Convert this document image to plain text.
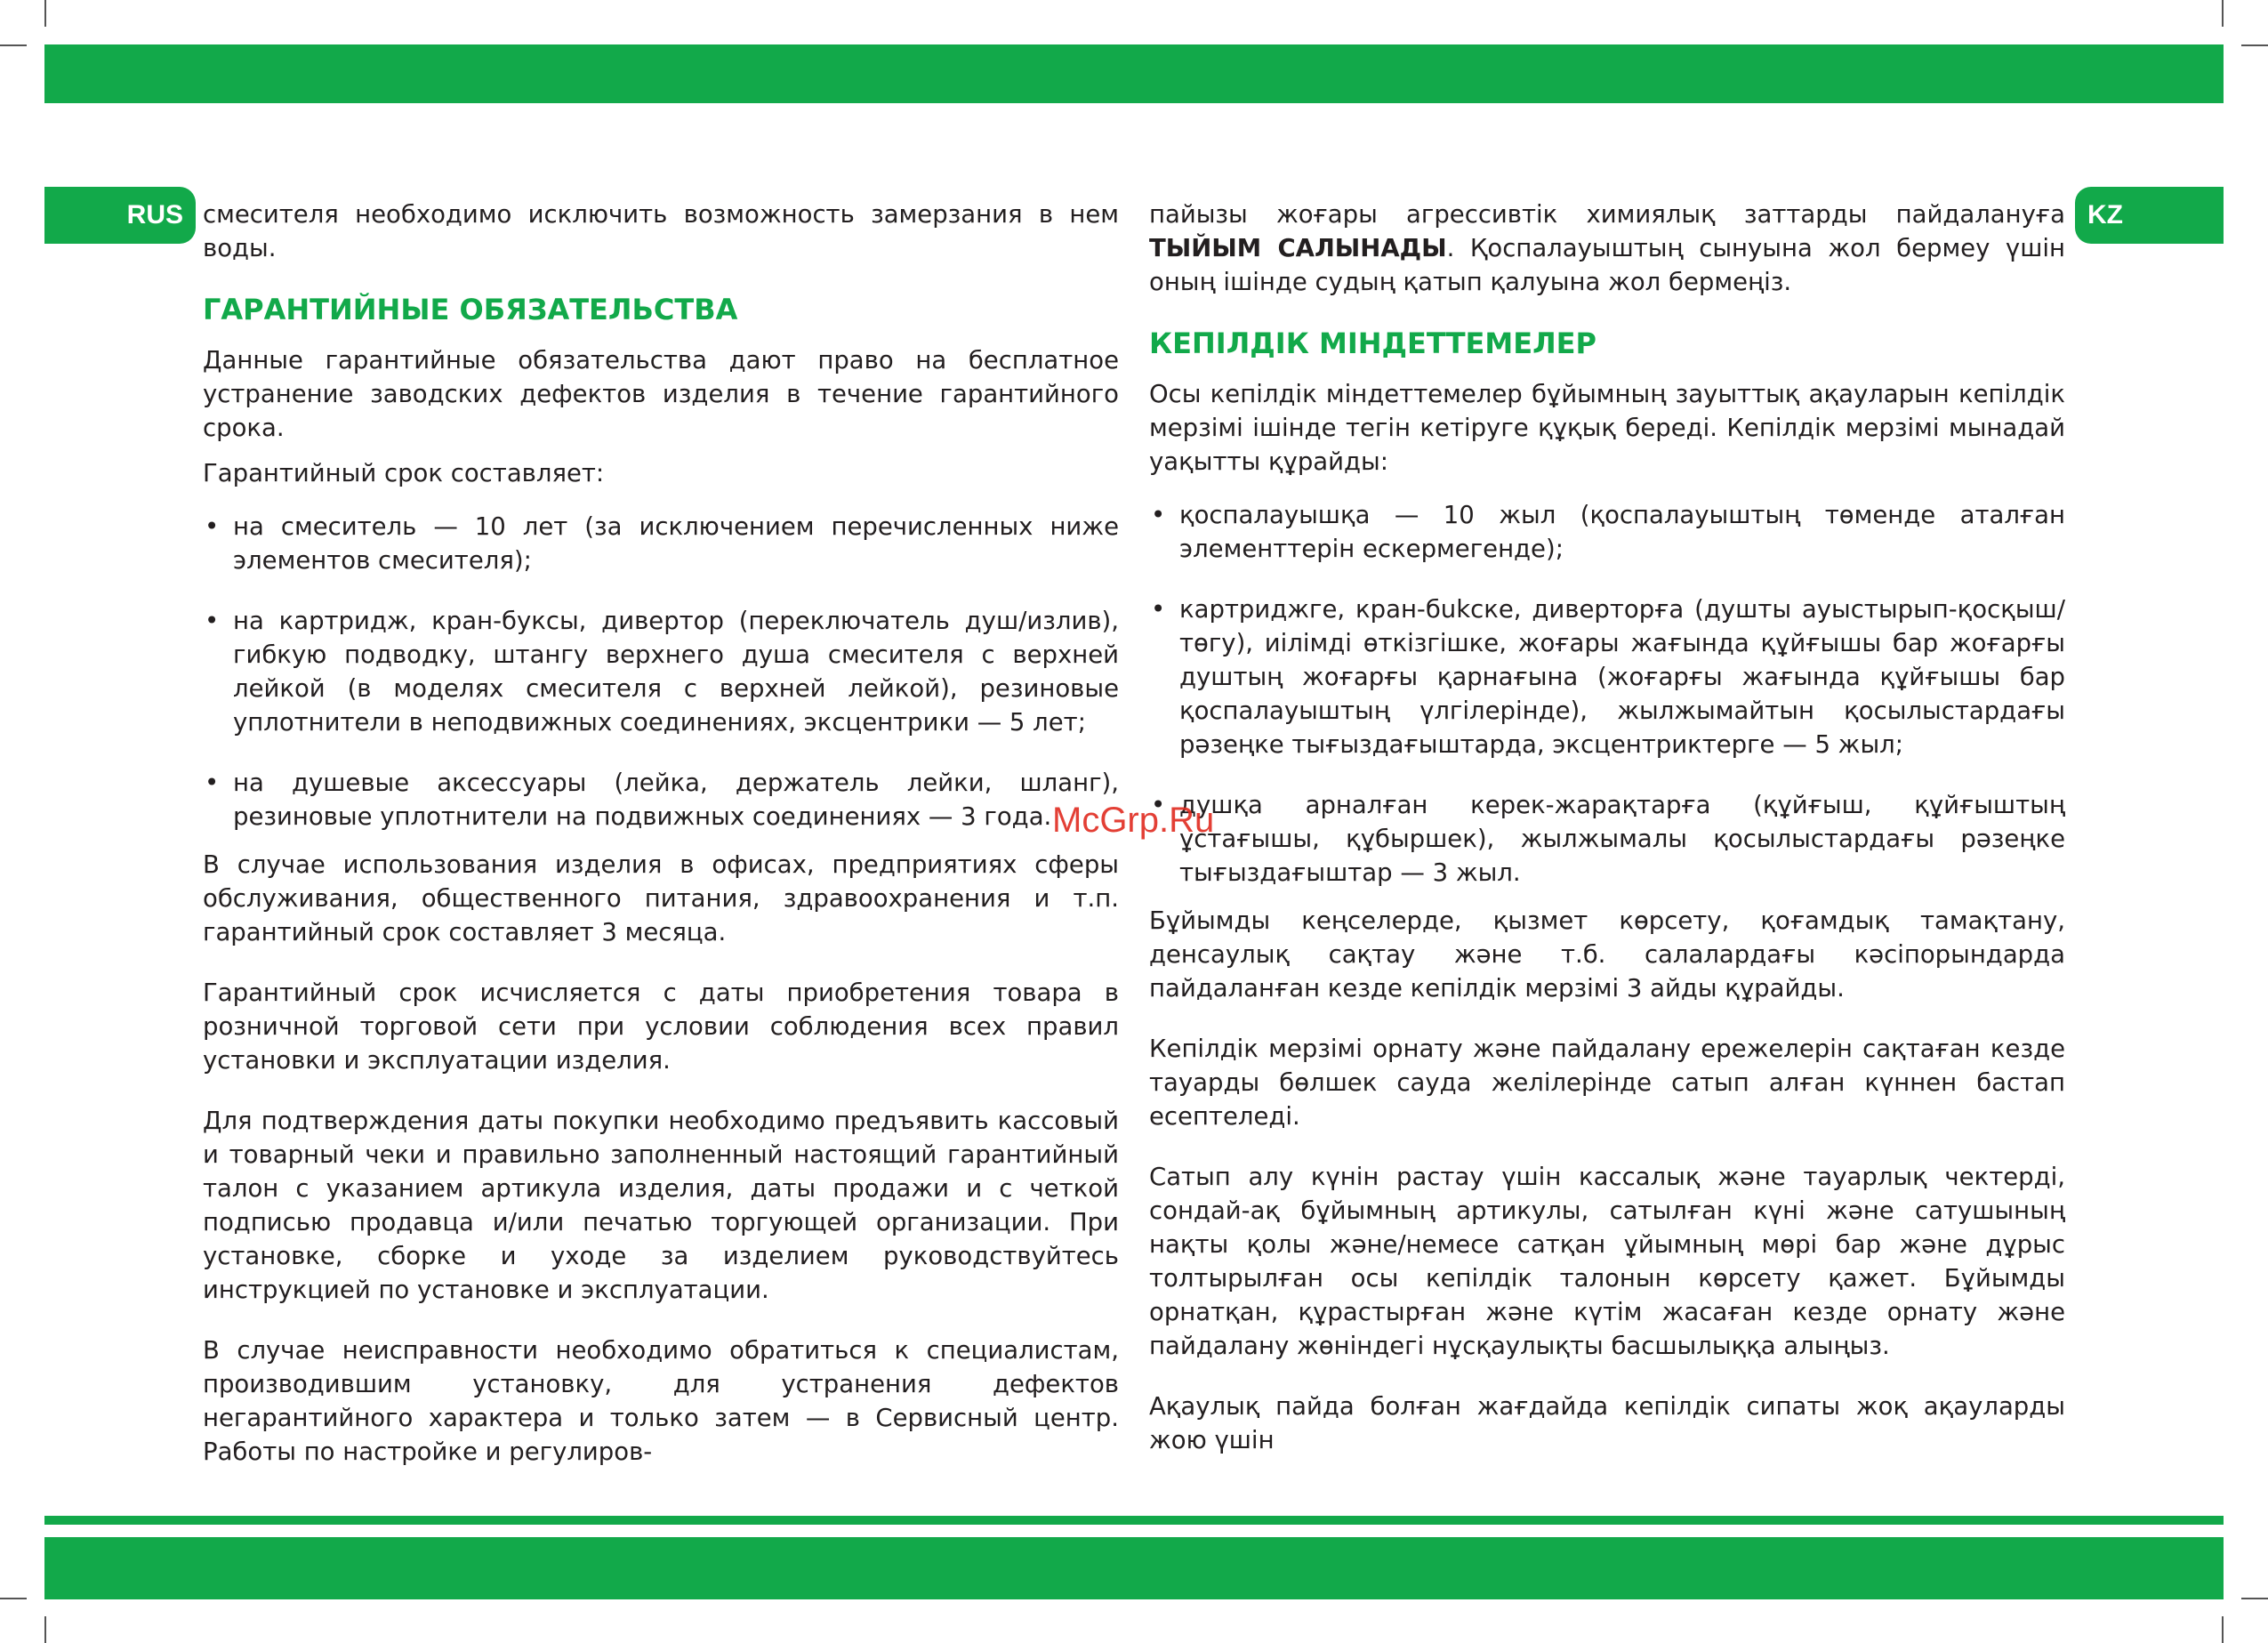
RUS	KZ

смесителя необходимо исключить возможность замерзания в нем воды.

ГАРАНТИЙНЫЕ ОБЯЗАТЕЛЬСТВА

Данные гарантийные обязательства дают право на бесплатное устранение заводских дефектов изделия в течение гарантийного срока.

Гарантийный срок составляет:

• на смеситель — 10 лет (за исключением перечисленных ниже элементов смесителя);
• на картридж, кран-буксы, дивертор (переключатель душ/излив), гибкую подводку, штангу верхнего душа смесителя с верхней лейкой (в моделях смесителя с верхней лейкой), резиновые уплотнители в неподвижных соединениях, эксцентрики — 5 лет;
• на душевые аксессуары (лейка, держатель лейки, шланг), резиновые уплотнители на подвижных соединениях — 3 года.

В случае использования изделия в офисах, предприятиях сферы обслуживания, общественного питания, здравоохранения и т.п. гарантийный срок составляет 3 месяца.

Гарантийный срок исчисляется с даты приобретения товара в розничной торговой сети при условии соблюдения всех правил установки и эксплуатации изделия.

Для подтверждения даты покупки необходимо предъявить кассовый и товарный чеки и правильно заполненный настоящий гарантийный талон с указанием артикула изделия, даты продажи и с четкой подписью продавца и/или печатью торгующей организации. При установке, сборке и уходе за изделием руководствуйтесь инструкцией по установке и эксплуатации.

В случае неисправности необходимо обратиться к специалистам, производившим установку, для устранения дефектов негарантийного характера и только затем — в Сервисный центр. Работы по настройке и регулиров-

пайызы жоғары агрессивтік химиялық заттарды пайдалануға ТЫЙЫМ САЛЫНАДЫ. Қоспалауыштың сынуына жол бермеу үшін оның ішінде судың қатып қалуына жол бермеңіз.

КЕПІЛДІК МІНДЕТТЕМЕЛЕР

Осы кепілдік міндеттемелер бұйымның зауыттық ақауларын кепілдік мерзімі ішінде тегін кетіруге құқық береді. Кепілдік мерзімі мынадай уақытты құрайды:

• қоспалауышқа — 10 жыл (қоспалауыштың төменде аталған элементтерін ескермегенде);
• картриджге, кран-бukске, диверторға (душты ауыстырып-қосқыш/төгу), иілімді өткізгішке, жоғары жағында құйғышы бар жоғарғы душтың жоғарғы қарнағына (жоғарғы жағында құйғышы бар қоспалауыштың үлгілерінде), жылжымайтын қосылыстардағы рәзеңке тығыздағыштарда, эксцентриктерге — 5 жыл;
• душқа арналған керек-жарақтарға (құйғыш, құйғыштың ұстағышы, құбыршек), жылжымалы қосылыстардағы рәзеңке тығыздағыштар — 3 жыл.

Бұйымды кеңселерде, қызмет көрсету, қоғамдық тамақтану, денсаулық сақтау және т.б. салалардағы кәсіпорындарда пайдаланған кезде кепілдік мерзімі 3 айды құрайды.

Кепілдік мерзімі орнату және пайдалану ережелерін сақтаған кезде тауарды бөлшек сауда желілерінде сатып алған күннен бастап есептеледі.

Сатып алу күнін растау үшін кассалық және тауарлық чектерді, сондай-ақ бұйымның артикулы, сатылған күні және сатушының нақты қолы және/немесе сатқан ұйымның мөрі бар және дұрыс толтырылған осы кепілдік талонын көрсету қажет. Бұйымды орнатқан, құрастырған және күтім жасаған кезде орнату және пайдалану жөніндегі нұсқаулықты басшылыққа алыңыз.

Ақаулық пайда болған жағдайда кепілдік сипаты жоқ ақауларды жою үшін

McGrp.Ru
